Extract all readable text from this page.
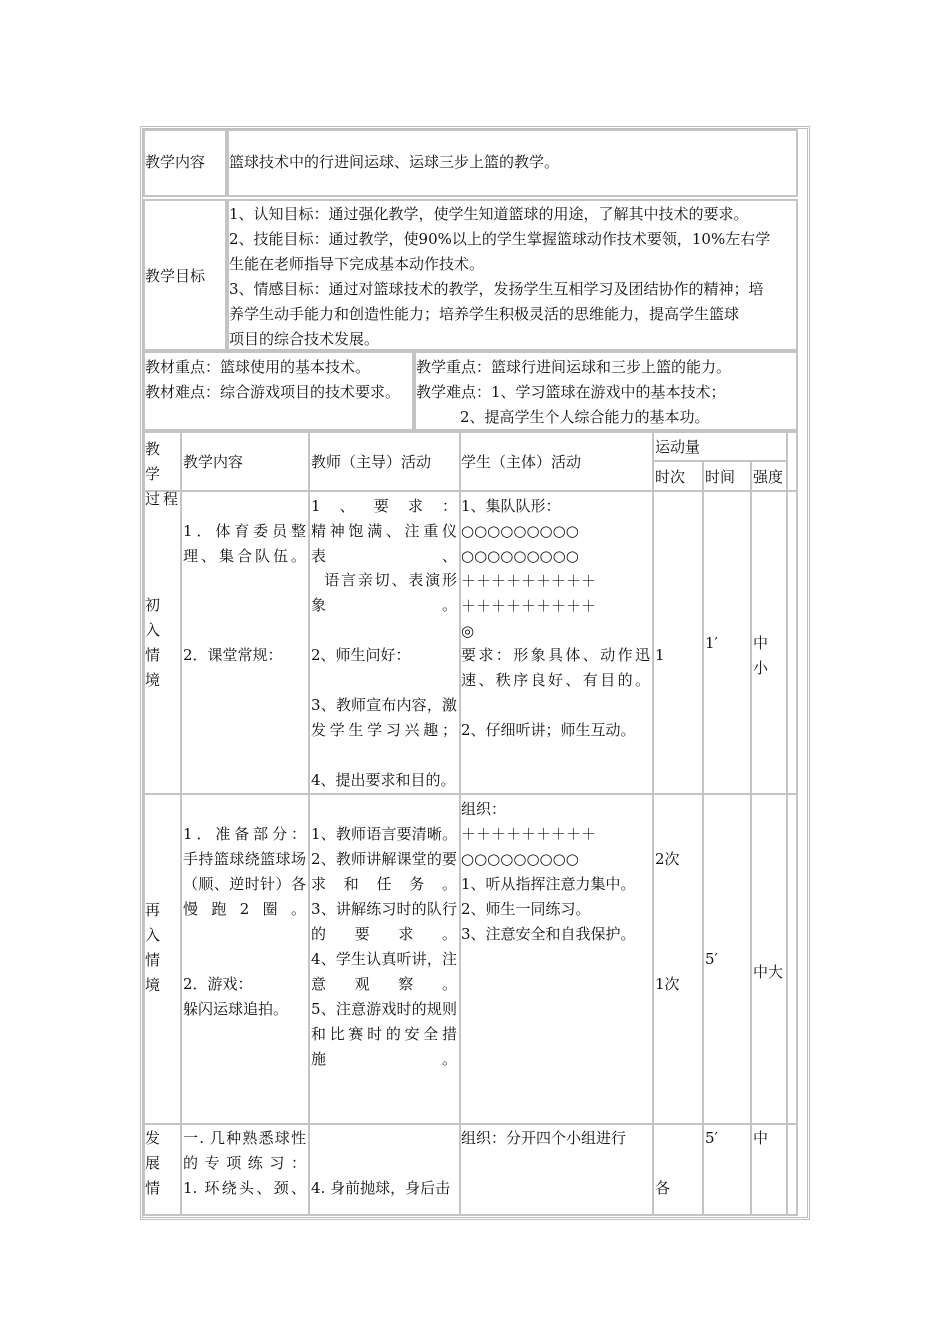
教学内容 篮球技术中的行进间运球、运球三步上篮的教学。
教学目标
1、认知目标：通过强化教学，使学生知道篮球的用途，了解其中技术的要求。
2、技能目标：通过教学，使90%以上的学生掌握篮球动作技术要领，10%左右学
生能在老师指导下完成基本动作技术。
3、情感目标：通过对篮球技术的教学，发扬学生互相学习及团结协作的精神；培
养学生动手能力和创造性能力；培养学生积极灵活的思维能力，提高学生篮球
项目的综合技术发展。
教材重点：篮球使用的基本技术。
教材难点：综合游戏项目的技术要求。
教学重点：篮球行进间运球和三步上篮的能力。
教学难点：1、学习篮球在游戏中的基本技术；
2、提高学生个人综合能力的基本功。
教 学
过程
教学内容	教师（主导）活动 学生（主体）活动
运动量
时次 时间 强度
初
入
情
境
1．体育委员整理、集合队伍。
2．课堂常规：
1、要求：
精神饱满、注重仪表、
语言亲切、表演形象。
2、师生问好：
3、教师宣布内容，激发学生学习兴趣；
4、提出要求和目的。
1、集队队形：
○○○○○○○○○
○○○○○○○○○
＋＋＋＋＋＋＋＋＋
＋＋＋＋＋＋＋＋＋
◎
要求：形象具体、动作迅速、秩序良好、有目的。
2、仔细听讲；师生互动。
1
1′ 中
小
再
入
情
境
1．准备部分：
手持篮球绕篮球场（顺、逆时针）各慢跑2圈。
2．游戏：
躲闪运球追拍。
1、教师语言要清晰。
2、教师讲解课堂的要求和任务。
3、讲解练习时的队行的要求。
4、学生认真听讲，注意观察。
5、注意游戏时的规则和比赛时的安全措施。
组织：
＋＋＋＋＋＋＋＋＋
○○○○○○○○○
1、听从指挥注意力集中。
2、师生一同练习。
3、注意安全和自我保护。
2次
1次
5′
中大
发
展
情
一. 几种熟悉球性的专项练习：
1. 环绕头、颈、 4. 身前抛球，身后击
组织：分开四个小组进行
各
5′ 中
